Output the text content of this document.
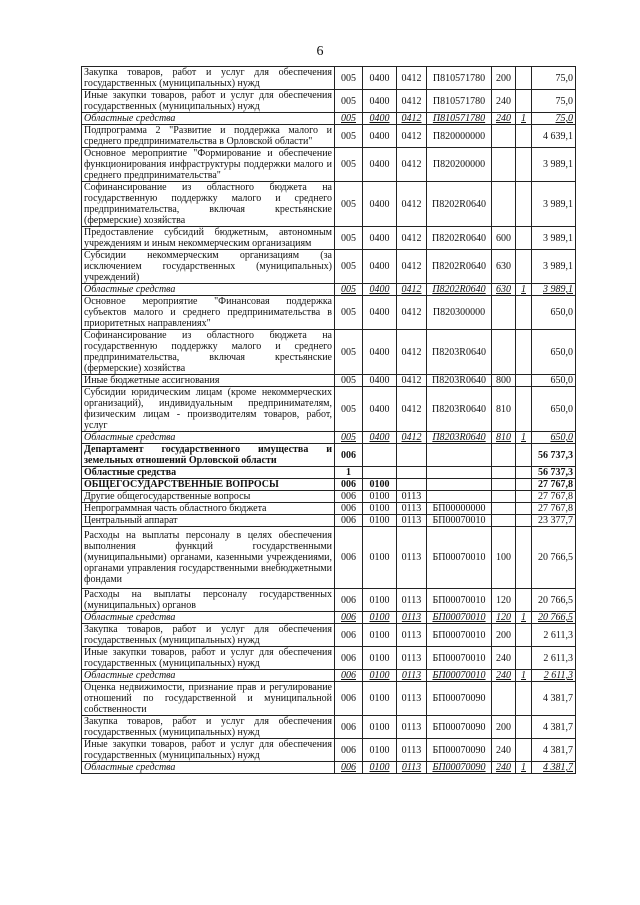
6
Закупка товаров, работ и услуг для обеспечения государственных (муниципальных) нужд	005	0400	0412	П810571780	200		75,0
Иные закупки товаров, работ и услуг для обеспечения государственных (муниципальных) нужд	005	0400	0412	П810571780	240		75,0
Областные средства	005	0400	0412	П810571780	240	1	75,0
Подпрограмма 2 "Развитие и поддержка малого и среднего предпринимательства в Орловской области"	005	0400	0412	П820000000			4 639,1
Основное мероприятие "Формирование и обеспечение функционирования инфраструктуры поддержки малого и среднего предпринимательства"	005	0400	0412	П820200000			3 989,1
Софинансирование из областного бюджета на государственную поддержку малого и среднего предпринимательства, включая крестьянские (фермерские) хозяйства	005	0400	0412	П8202R0640			3 989,1
Предоставление субсидий бюджетным, автономным учреждениям и иным некоммерческим организациям	005	0400	0412	П8202R0640	600		3 989,1
Субсидии некоммерческим организациям (за исключением государственных (муниципальных) учреждений)	005	0400	0412	П8202R0640	630		3 989,1
Областные средства	005	0400	0412	П8202R0640	630	1	3 989,1
Основное мероприятие "Финансовая поддержка субъектов малого и среднего предпринимательства в приоритетных направлениях"	005	0400	0412	П820300000			650,0
Софинансирование из областного бюджета на государственную поддержку малого и среднего предпринимательства, включая крестьянские (фермерские) хозяйства	005	0400	0412	П8203R0640			650,0
Иные бюджетные ассигнования	005	0400	0412	П8203R0640	800		650,0
Субсидии юридическим лицам (кроме некоммерческих организаций), индивидуальным предпринимателям, физическим лицам - производителям товаров, работ, услуг	005	0400	0412	П8203R0640	810		650,0
Областные средства	005	0400	0412	П8203R0640	810	1	650,0
Департамент государственного имущества и земельных отношений Орловской области	006						56 737,3
Областные средства	1						56 737,3
ОБЩЕГОСУДАРСТВЕННЫЕ ВОПРОСЫ	006	0100					27 767,8
Другие общегосударственные вопросы	006	0100	0113				27 767,8
Непрограммная часть областного бюджета	006	0100	0113	БП00000000			27 767,8
Центральный аппарат	006	0100	0113	БП00070010			23 377,7
Расходы на выплаты персоналу в целях обеспечения выполнения функций государственными (муниципальными) органами, казенными учреждениями, органами управления государственными внебюджетными фондами	006	0100	0113	БП00070010	100		20 766,5
Расходы на выплаты персоналу государственных (муниципальных) органов	006	0100	0113	БП00070010	120		20 766,5
Областные средства	006	0100	0113	БП00070010	120	1	20 766,5
Закупка товаров, работ и услуг для обеспечения государственных (муниципальных) нужд	006	0100	0113	БП00070010	200		2 611,3
Иные закупки товаров, работ и услуг для обеспечения государственных (муниципальных) нужд	006	0100	0113	БП00070010	240		2 611,3
Областные средства	006	0100	0113	БП00070010	240	1	2 611,3
Оценка недвижимости, признание прав и регулирование отношений по государственной и муниципальной собственности	006	0100	0113	БП00070090			4 381,7
Закупка товаров, работ и услуг для обеспечения государственных (муниципальных) нужд	006	0100	0113	БП00070090	200		4 381,7
Иные закупки товаров, работ и услуг для обеспечения государственных (муниципальных) нужд	006	0100	0113	БП00070090	240		4 381,7
Областные средства	006	0100	0113	БП00070090	240	1	4 381,7
